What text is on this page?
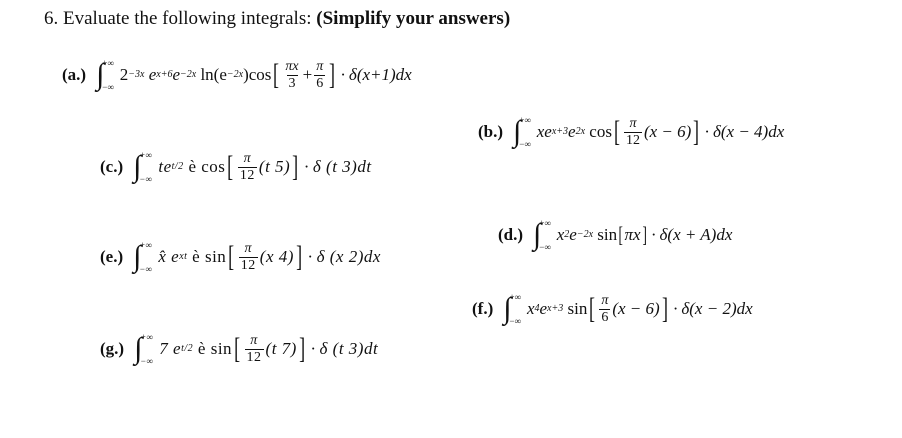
6. Evaluate the following integrals: (Simplify your answers)
(a.) ∫
+∞
−∞
$2^{-3x}$
$e^{x+6}$ $e^{-2x}$
$\ln(e^{-2x}$ )cos [ $\frac{\pi x}{3} + \frac{\pi}{6}$ ] · δ(x+1)dx
(b.) ∫
+∞
−∞
$xe^{x+3}$ $e^{2x}$
cos [ $\frac{\pi}{12} (x - 6)$ ] · δ(x − 4)dx
(c.) ∫
+∞
−∞
$te^{t/2}$
è cos [ $\frac{\pi}{12} (t$ 5) ] · δ (t 3)dt
(d.) ∫
+∞
−∞
$x^2$ $e^{-2x}$
sin [ πx ] · δ(x + A)dx
(e.) ∫
+∞
−∞
x̂ $e^{xt}$
è sin [ $\frac{\pi}{12} (x$ 4) ] · δ (x 2)dx
(f.) ∫
+∞
−∞
$x^4$ $e^{x+3}$
sin [ $\frac{\pi}{6} (x - 6)$ ] · δ(x − 2)dx
(g.) ∫
+∞
−∞
7 $e^{t/2}$
è sin [ $\frac{\pi}{12} (t$ 7) ] · δ (t 3)dt
